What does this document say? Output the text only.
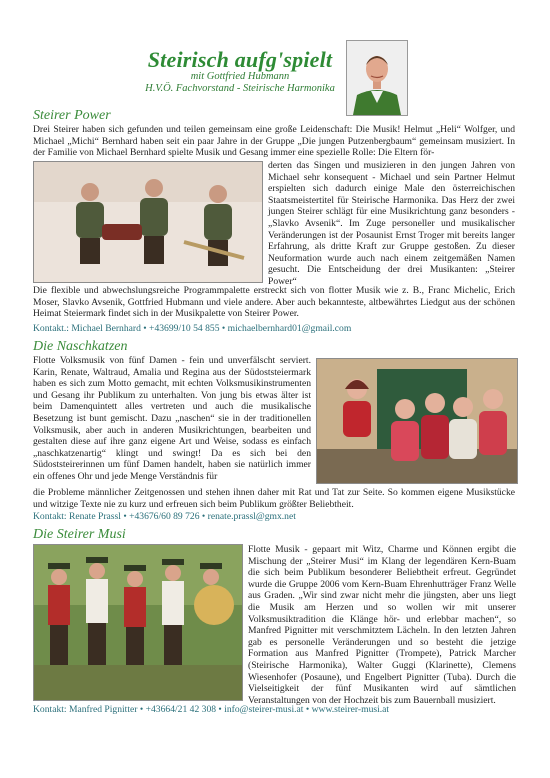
Steirisch aufg'spielt
mit Gottfried Hubmann
H.V.Ö. Fachvorstand - Steirische Harmonika
Steirer Power
Drei Steirer haben sich gefunden und teilen gemeinsam eine große Leidenschaft: Die Musik! Helmut „Heli“ Wolfger, und Michael „Michi“ Bernhard haben seit ein paar Jahre in der Gruppe „Die jungen Putzenbergbaum“ gemeinsam musiziert. In der Familie von Michael Bernhard spielte Musik und Gesang immer eine spezielle Rolle: Die Eltern för-
derten das Singen und musizieren in den jungen Jahren von Michael sehr konsequent - Michael und sein Partner Helmut erspielten sich dadurch einige Male den österreichischen Staatsmeistertitel für Steirische Harmonika. Das Herz der zwei jungen Steirer schlägt für eine Musikrichtung ganz besonders - „Slavko Avsenik“. Im Zuge personeller und musikalischer Veränderungen ist der Posaunist Ernst Troger mit bereits langer Erfahrung, als dritte Kraft zur Gruppe gestoßen. Zu dieser Neuformation wurde auch nach einem zeitgemäßen Namen gesucht. Die Entscheidung der drei Musikanten: „Steirer Power“
Die flexible und abwechslungsreiche Programmpalette erstreckt sich von flotter Musik wie z. B., Franc Michelic, Erich Moser, Slavko Avsenik, Gottfried Hubmann und viele andere. Aber auch bekannteste, altbewährtes Liedgut aus der schönen Heimat Steiermark findet sich in der Musikpalette von Steirer Power.
Kontakt.: Michael Bernhard • +43699/10 54 855 • michaelbernhard01@gmail.com
Die Naschkatzen
Flotte Volksmusik von fünf Damen - fein und unverfälscht serviert. Karin, Renate, Waltraud, Amalia und Regina aus der Südoststeiermark haben es sich zum Motto gemacht, mit echten Volksmusikinstrumenten und Gesang ihr Publikum zu unterhalten. Von jung bis etwas älter ist beim Damenquintett alles vertreten und auch die musikalische Besetzung ist bunt gemischt. Dazu „naschen“ sie in der traditionellen Volksmusik, aber auch in anderen Musikrichtungen, bearbeiten und gestalten diese auf ihre ganz eigene Art und Weise, sodass es einfach „naschkatzenartig“ klingt und swingt! Da es sich bei den Südoststeirerinnen um fünf Damen handelt, haben sie natürlich immer ein offenes Ohr und jede Menge Verständnis für
die Probleme männlicher Zeitgenossen und stehen ihnen daher mit Rat und Tat zur Seite. So kommen eigene Musikstücke und witzige Texte nie zu kurz und erfreuen sich beim Publikum größter Beliebtheit.
Kontakt: Renate Prassl • +43676/60 89 726 • renate.prassl@gmx.net
Die Steirer Musi
Flotte Musik - gepaart mit Witz, Charme und Können ergibt die Mischung der „Steirer Musi“ im Klang der legendären Kern-Buam die sich beim Publikum besonderer Beliebtheit erfreut. Gegründet wurde die Gruppe 2006 vom Kern-Buam Ehrenhutträger Franz Welle aus Graden. „Wir sind zwar nicht mehr die jüngsten, aber uns liegt die Musik am Herzen und so wollen wir mit unserer Volksmusiktradition die Klänge hör- und erlebbar machen“, so Manfred Pignitter mit verschmitztem Lächeln. In den letzten Jahren gab es personelle Veränderungen und so besteht die jetzige Formation aus Manfred Pignitter (Trompete), Patrick Marcher (Steirische Harmonika), Walter Guggi (Klarinette), Clemens Wiesenhofer (Posaune), und Engelbert Pignitter (Tuba). Durch die Vielseitigkeit der fünf Musikanten wird auf sämtlichen Veranstaltungen von der Hochzeit bis zum Bauernball musiziert.
Kontakt: Manfred Pignitter • +43664/21 42 308 • info@steirer-musi.at • www.steirer-musi.at
